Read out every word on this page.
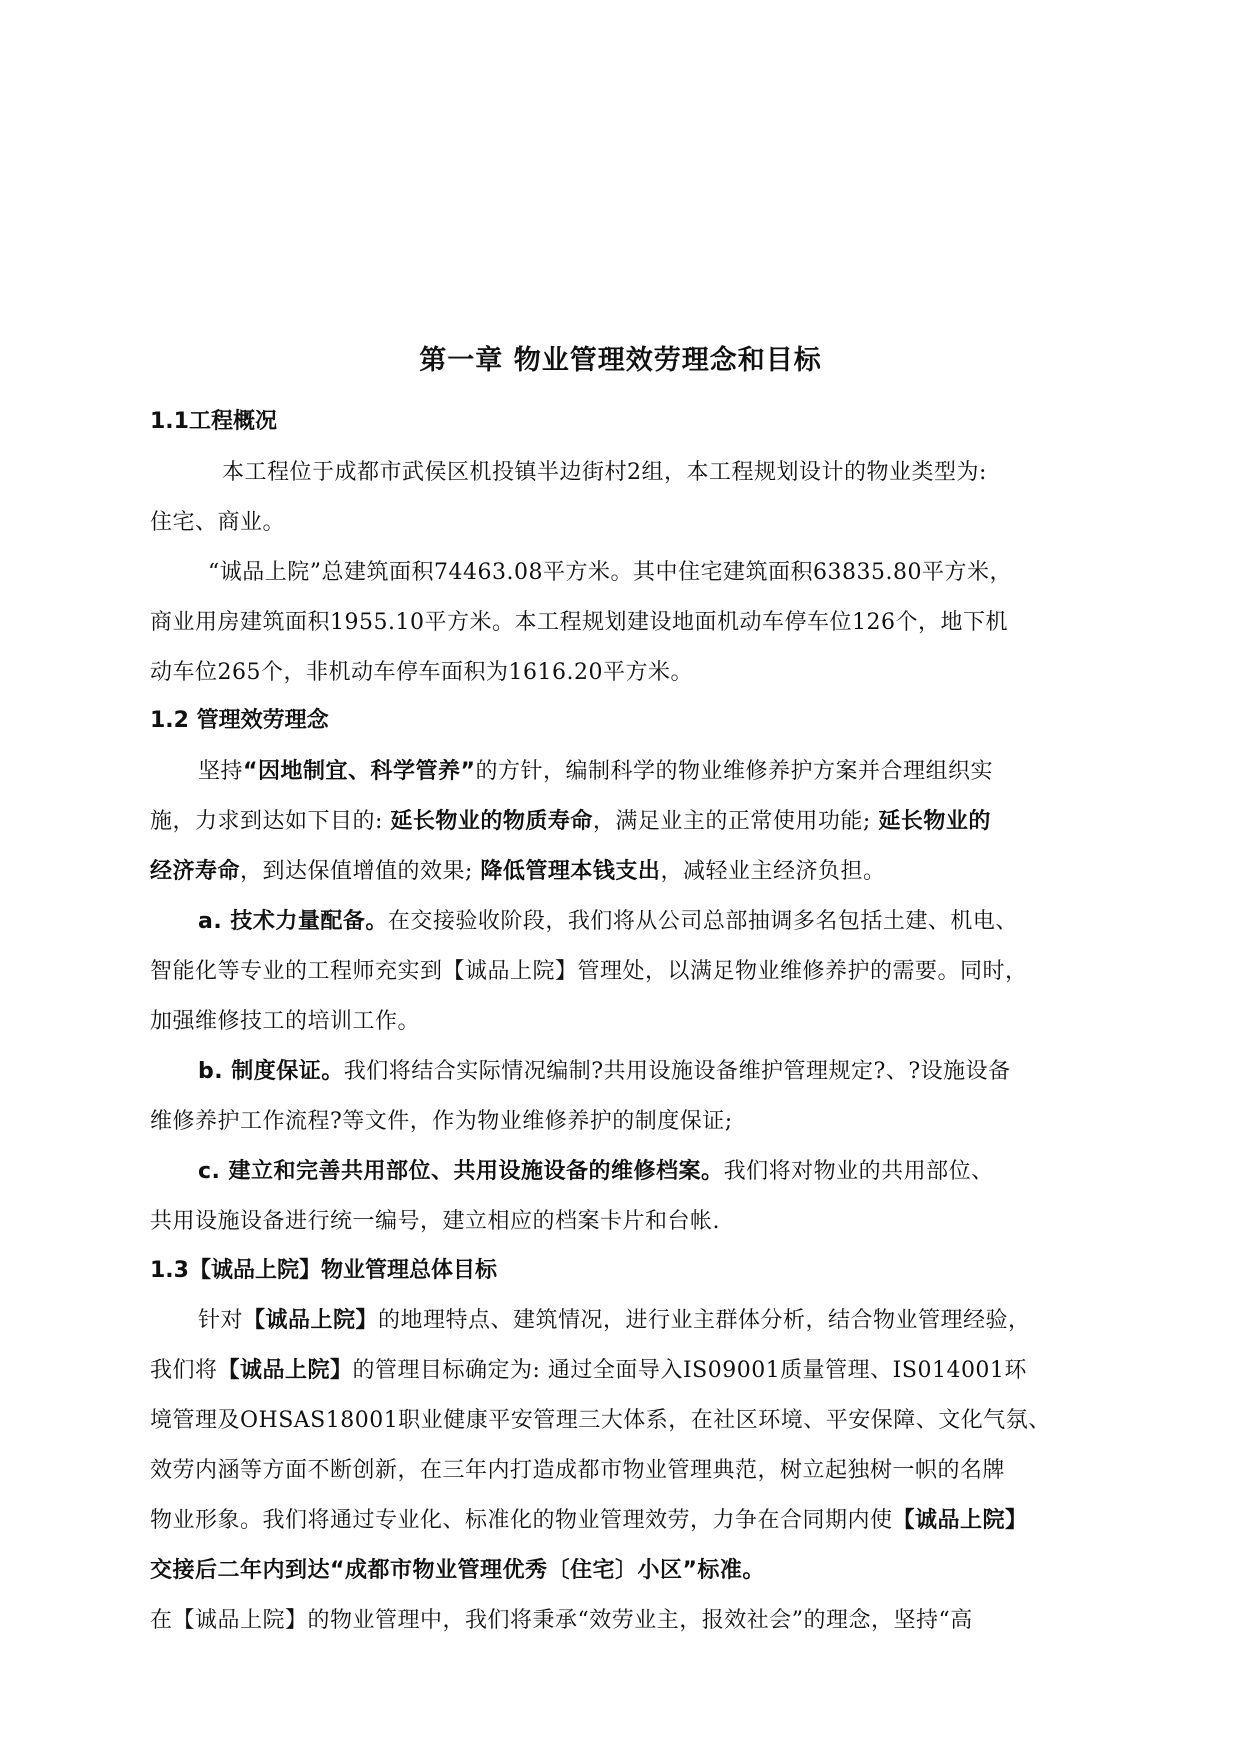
第一章 物业管理效劳理念和目标
1.1工程概况
本工程位于成都市武侯区机投镇半边街村2组，本工程规划设计的物业类型为:
住宅、商业。
“诚品上院”总建筑面积74463.08平方米。其中住宅建筑面积63835.80平方米，
商业用房建筑面积1955.10平方米。本工程规划建设地面机动车停车位126个，地下机
动车位265个，非机动车停车面积为1616.20平方米。
1.2 管理效劳理念
坚持“因地制宜、科学管养”的方针，编制科学的物业维修养护方案并合理组织实
施，力求到达如下目的: 延长物业的物质寿命，满足业主的正常使用功能; 延长物业的
经济寿命，到达保值增值的效果; 降低管理本钱支出，减轻业主经济负担。
a. 技术力量配备。在交接验收阶段，我们将从公司总部抽调多名包括土建、机电、
智能化等专业的工程师充实到【诚品上院】管理处，以满足物业维修养护的需要。同时，
加强维修技工的培训工作。
b. 制度保证。我们将结合实际情况编制?共用设施设备维护管理规定?、?设施设备
维修养护工作流程?等文件，作为物业维修养护的制度保证;
c. 建立和完善共用部位、共用设施设备的维修档案。我们将对物业的共用部位、
共用设施设备进行统一编号，建立相应的档案卡片和台帐.
1.3【诚品上院】物业管理总体目标
针对【诚品上院】的地理特点、建筑情况，进行业主群体分析，结合物业管理经验，
我们将【诚品上院】的管理目标确定为: 通过全面导入IS09001质量管理、IS014001环
境管理及OHSAS18001职业健康平安管理三大体系，在社区环境、平安保障、文化气氛、
效劳内涵等方面不断创新，在三年内打造成都市物业管理典范，树立起独树一帜的名牌
物业形象。我们将通过专业化、标准化的物业管理效劳，力争在合同期内使【诚品上院】
交接后二年内到达“成都市物业管理优秀〔住宅〕小区”标准。
在【诚品上院】的物业管理中，我们将秉承“效劳业主，报效社会”的理念，坚持“高
